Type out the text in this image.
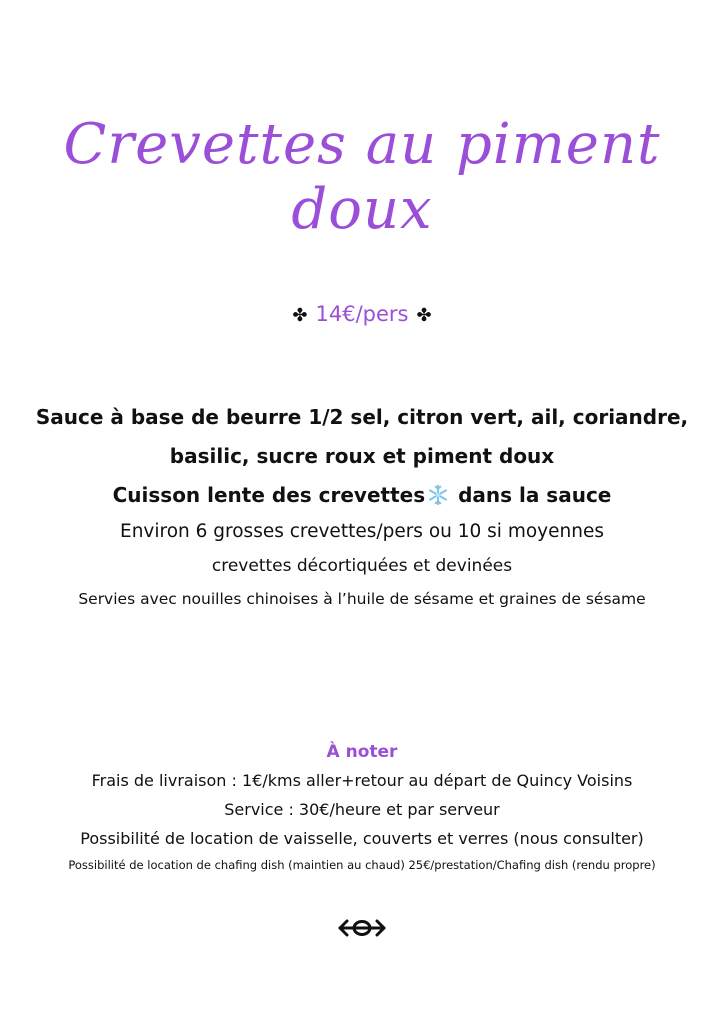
Crevettes au piment doux
✤ 14€/pers ✤
Sauce à base de beurre 1/2 sel, citron vert, ail, coriandre,
basilic, sucre roux et piment doux
Cuisson lente des crevettes dans la sauce
Environ 6 grosses crevettes/pers ou 10 si moyennes
crevettes décortiquées et devinées
Servies avec nouilles chinoises à l’huile de sésame et graines de sésame
À noter
Frais de livraison : 1€/kms aller+retour au départ de Quincy Voisins
Service : 30€/heure et par serveur
Possibilité de location de vaisselle, couverts et verres (nous consulter)
Possibilité de location de chafing dish (maintien au chaud) 25€/prestation/Chafing dish (rendu propre)
